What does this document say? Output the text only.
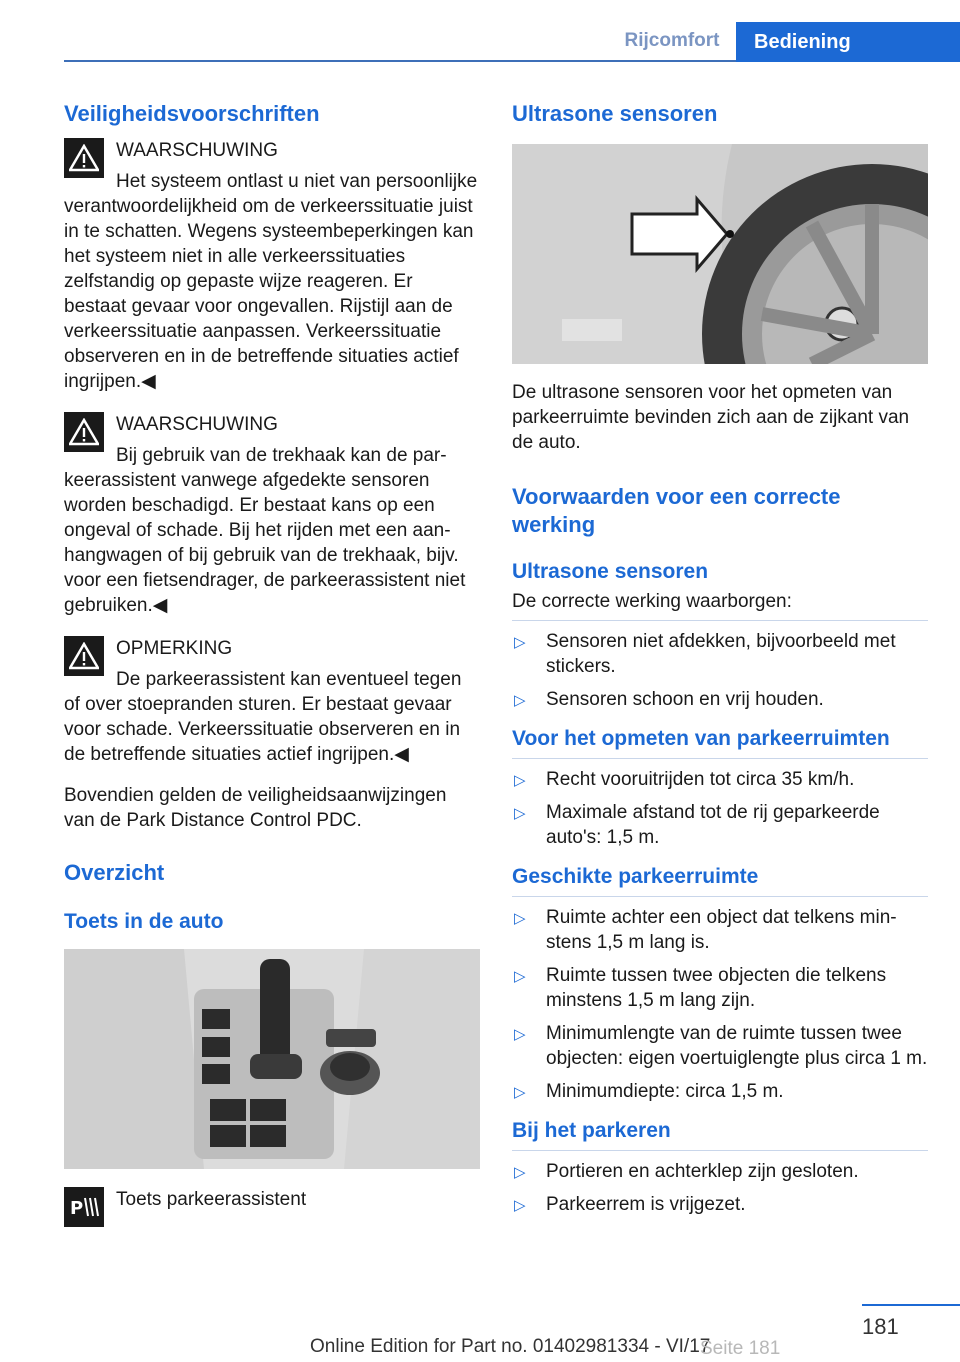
Rijcomfort	Bediening
Veiligheidsvoorschriften
WAARSCHUWING
Het systeem ontlast u niet van persoonlijke verantwoordelijkheid om de verkeerssituatie juist in te schatten. Wegens systeembeperkingen kan het systeem niet in alle verkeerssituaties zelfstandig op gepaste wijze reageren. Er bestaat gevaar voor ongevallen. Rijstijl aan de verkeerssituatie aanpassen. Verkeerssituatie observeren en in de betreffende situaties actief ingrijpen.◀
WAARSCHUWING
Bij gebruik van de trekhaak kan de parkeerassistent vanwege afgedekte sensoren worden beschadigd. Er bestaat kans op een ongeval of schade. Bij het rijden met een aanhangwagen of bij gebruik van de trekhaak, bijv. voor een fietsendrager, de parkeerassistent niet gebruiken.◀
OPMERKING
De parkeerassistent kan eventueel tegen of over stoepranden sturen. Er bestaat gevaar voor schade. Verkeerssituatie observeren en in de betreffende situaties actief ingrijpen.◀

Bovendien gelden de veiligheidsaanwijzingen van de Park Distance Control PDC.

Overzicht
Toets in de auto
P Toets parkeerassistent
Ultrasone sensoren

De ultrasone sensoren voor het opmeten van parkeerruimte bevinden zich aan de zijkant van de auto.

Voorwaarden voor een correcte werking
Ultrasone sensoren

De correcte werking waarborgen:

▷ Sensoren niet afdekken, bijvoorbeeld met stickers.
▷ Sensoren schoon en vrij houden.
Voor het opmeten van parkeerruimten
▷ Recht vooruitrijden tot circa 35 km/h.
▷ Maximale afstand tot de rij geparkeerde auto's: 1,5 m.
Geschikte parkeerruimte
▷ Ruimte achter een object dat telkens minstens 1,5 m lang is.
▷ Ruimte tussen twee objecten die telkens minstens 1,5 m lang zijn.
▷ Minimumlengte van de ruimte tussen twee objecten: eigen voertuiglengte plus circa 1 m.
▷ Minimumdiepte: circa 1,5 m.
Bij het parkeren
▷ Portieren en achterklep zijn gesloten.
▷ Parkeerrem is vrijgezet.
181
Online Edition for Part no. 01402981334 - VI/17
Seite 181
